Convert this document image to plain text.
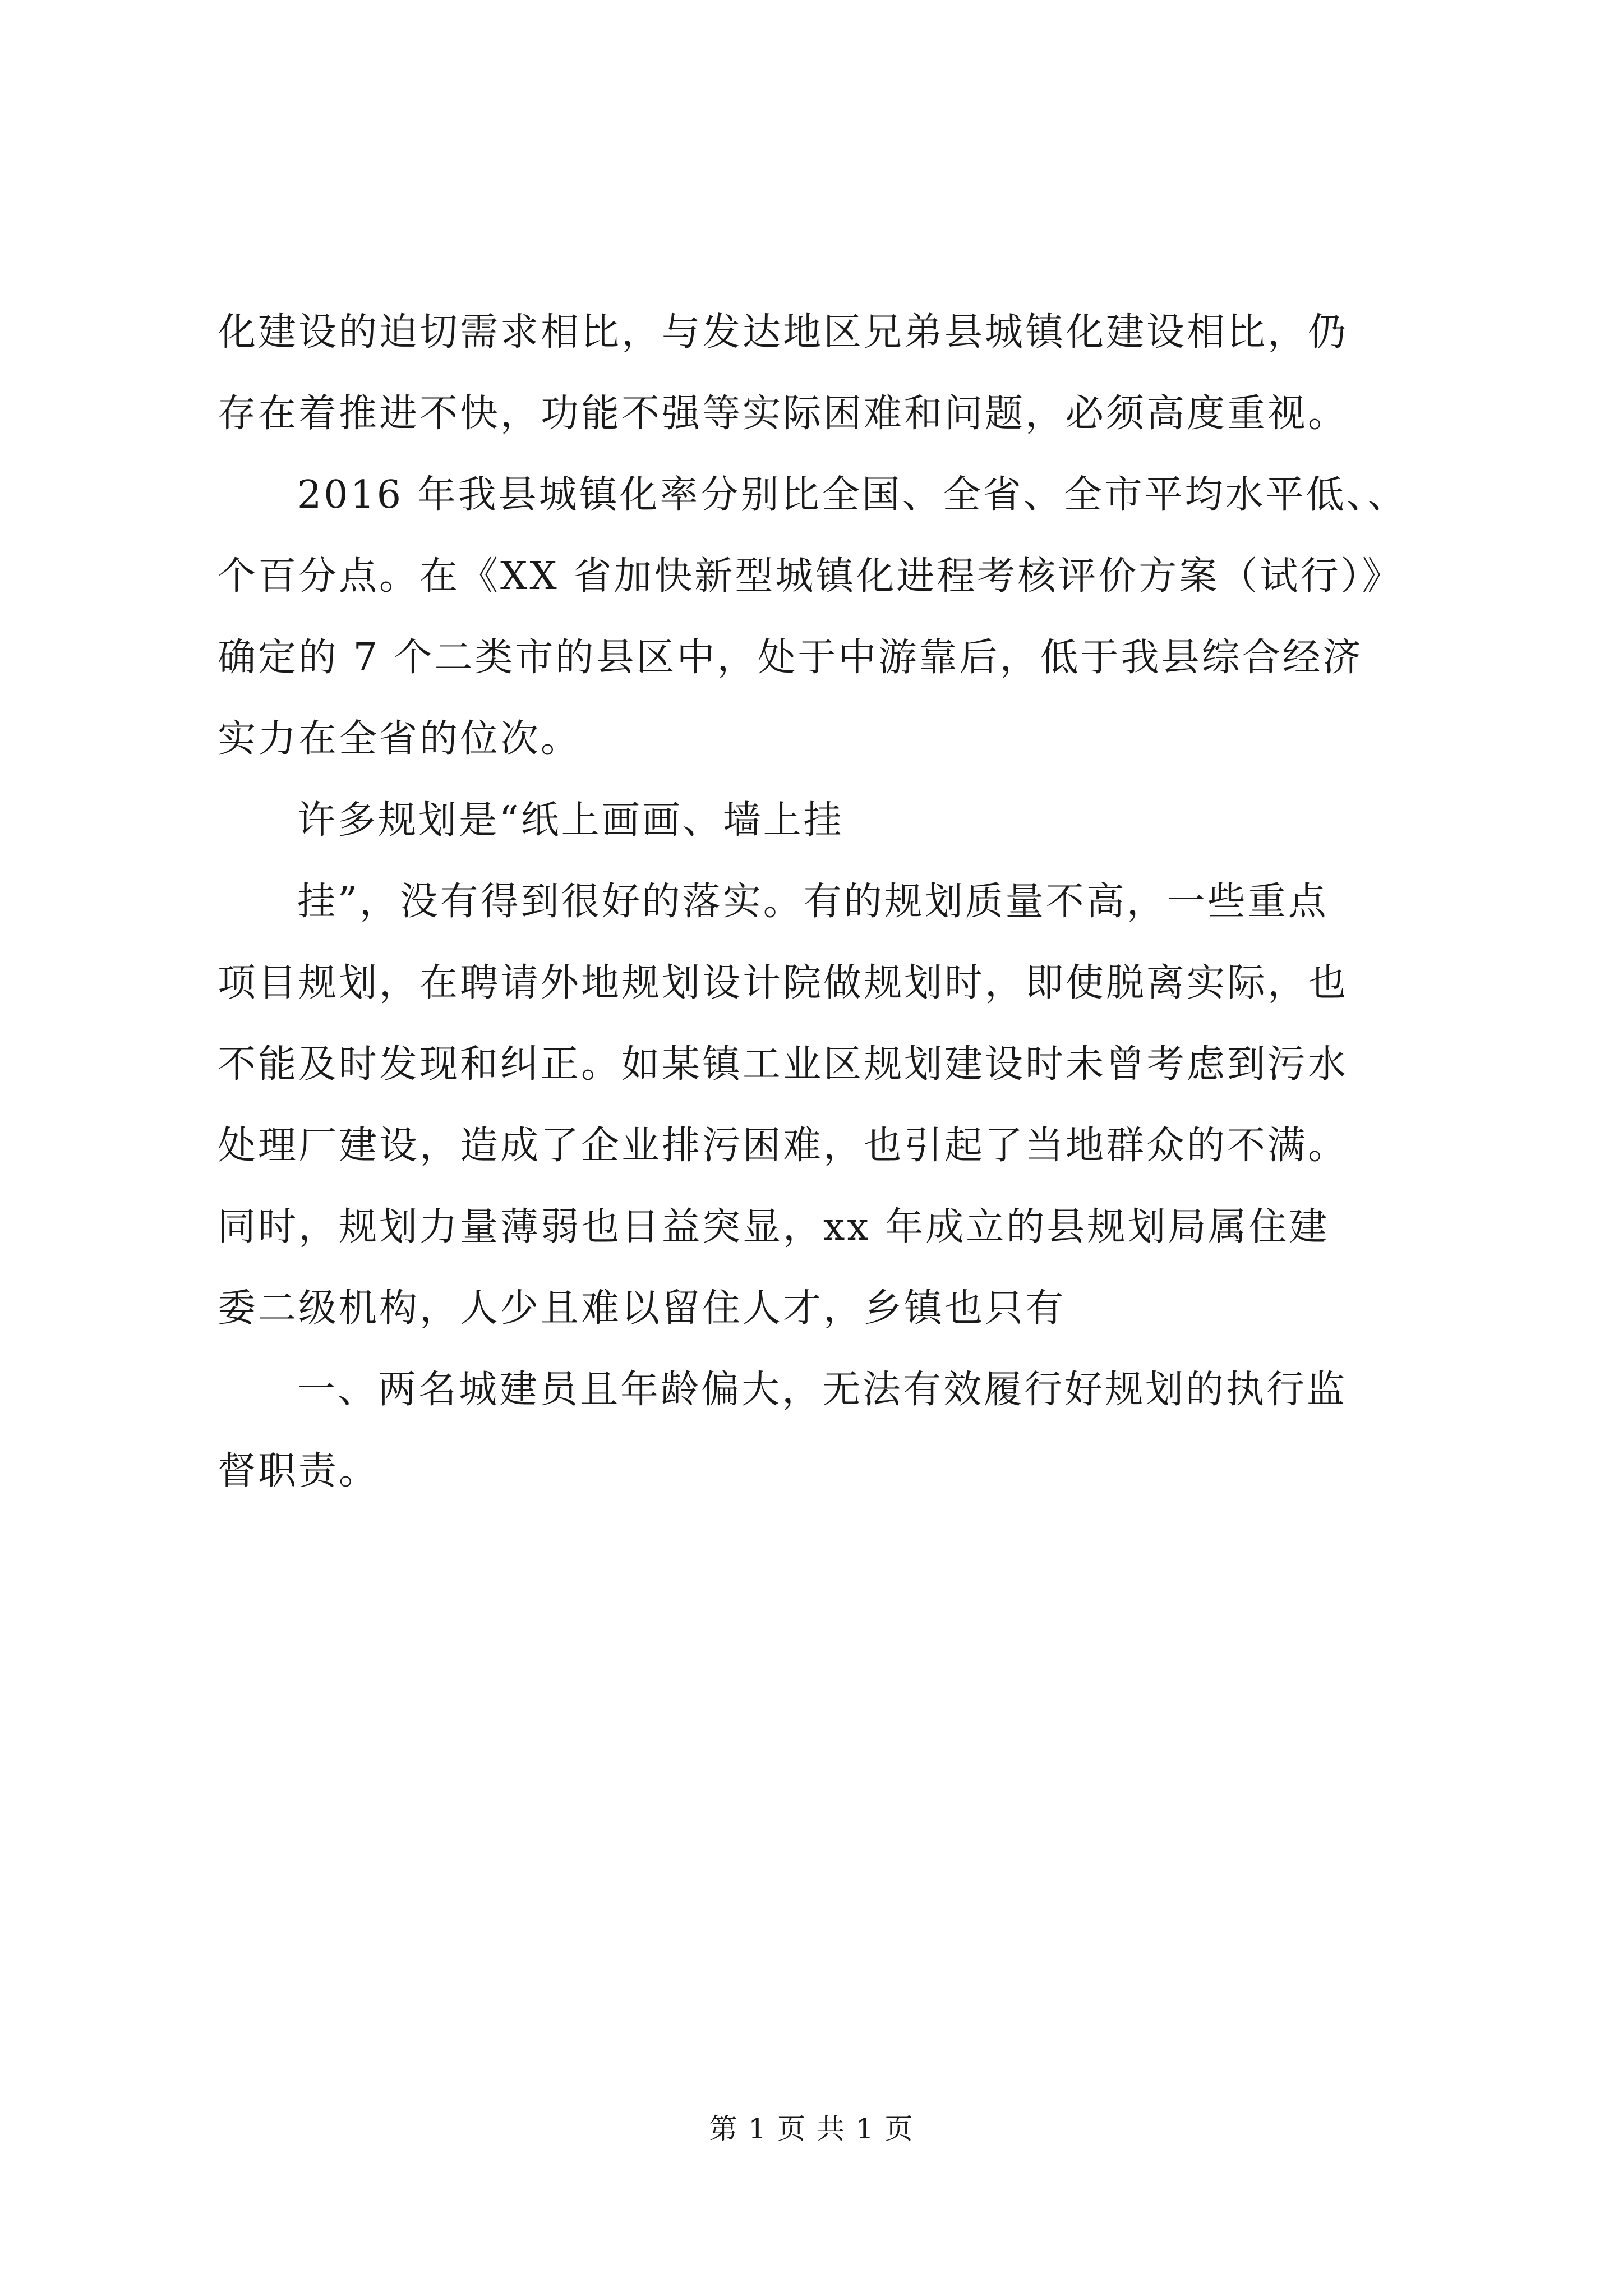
化建设的迫切需求相比，与发达地区兄弟县城镇化建设相比，仍
存在着推进不快，功能不强等实际困难和问题，必须高度重视。
2016 年我县城镇化率分别比全国、全省、全市平均水平低、、
个百分点。在《XX 省加快新型城镇化进程考核评价方案（试行）》
确定的 7 个二类市的县区中，处于中游靠后，低于我县综合经济
实力在全省的位次。
许多规划是“纸上画画、墙上挂
挂”，没有得到很好的落实。有的规划质量不高，一些重点
项目规划，在聘请外地规划设计院做规划时，即使脱离实际，也
不能及时发现和纠正。如某镇工业区规划建设时未曾考虑到污水
处理厂建设，造成了企业排污困难，也引起了当地群众的不满。
同时，规划力量薄弱也日益突显，xx 年成立的县规划局属住建
委二级机构，人少且难以留住人才，乡镇也只有
一、两名城建员且年龄偏大，无法有效履行好规划的执行监
督职责。
第 1 页 共 1 页
